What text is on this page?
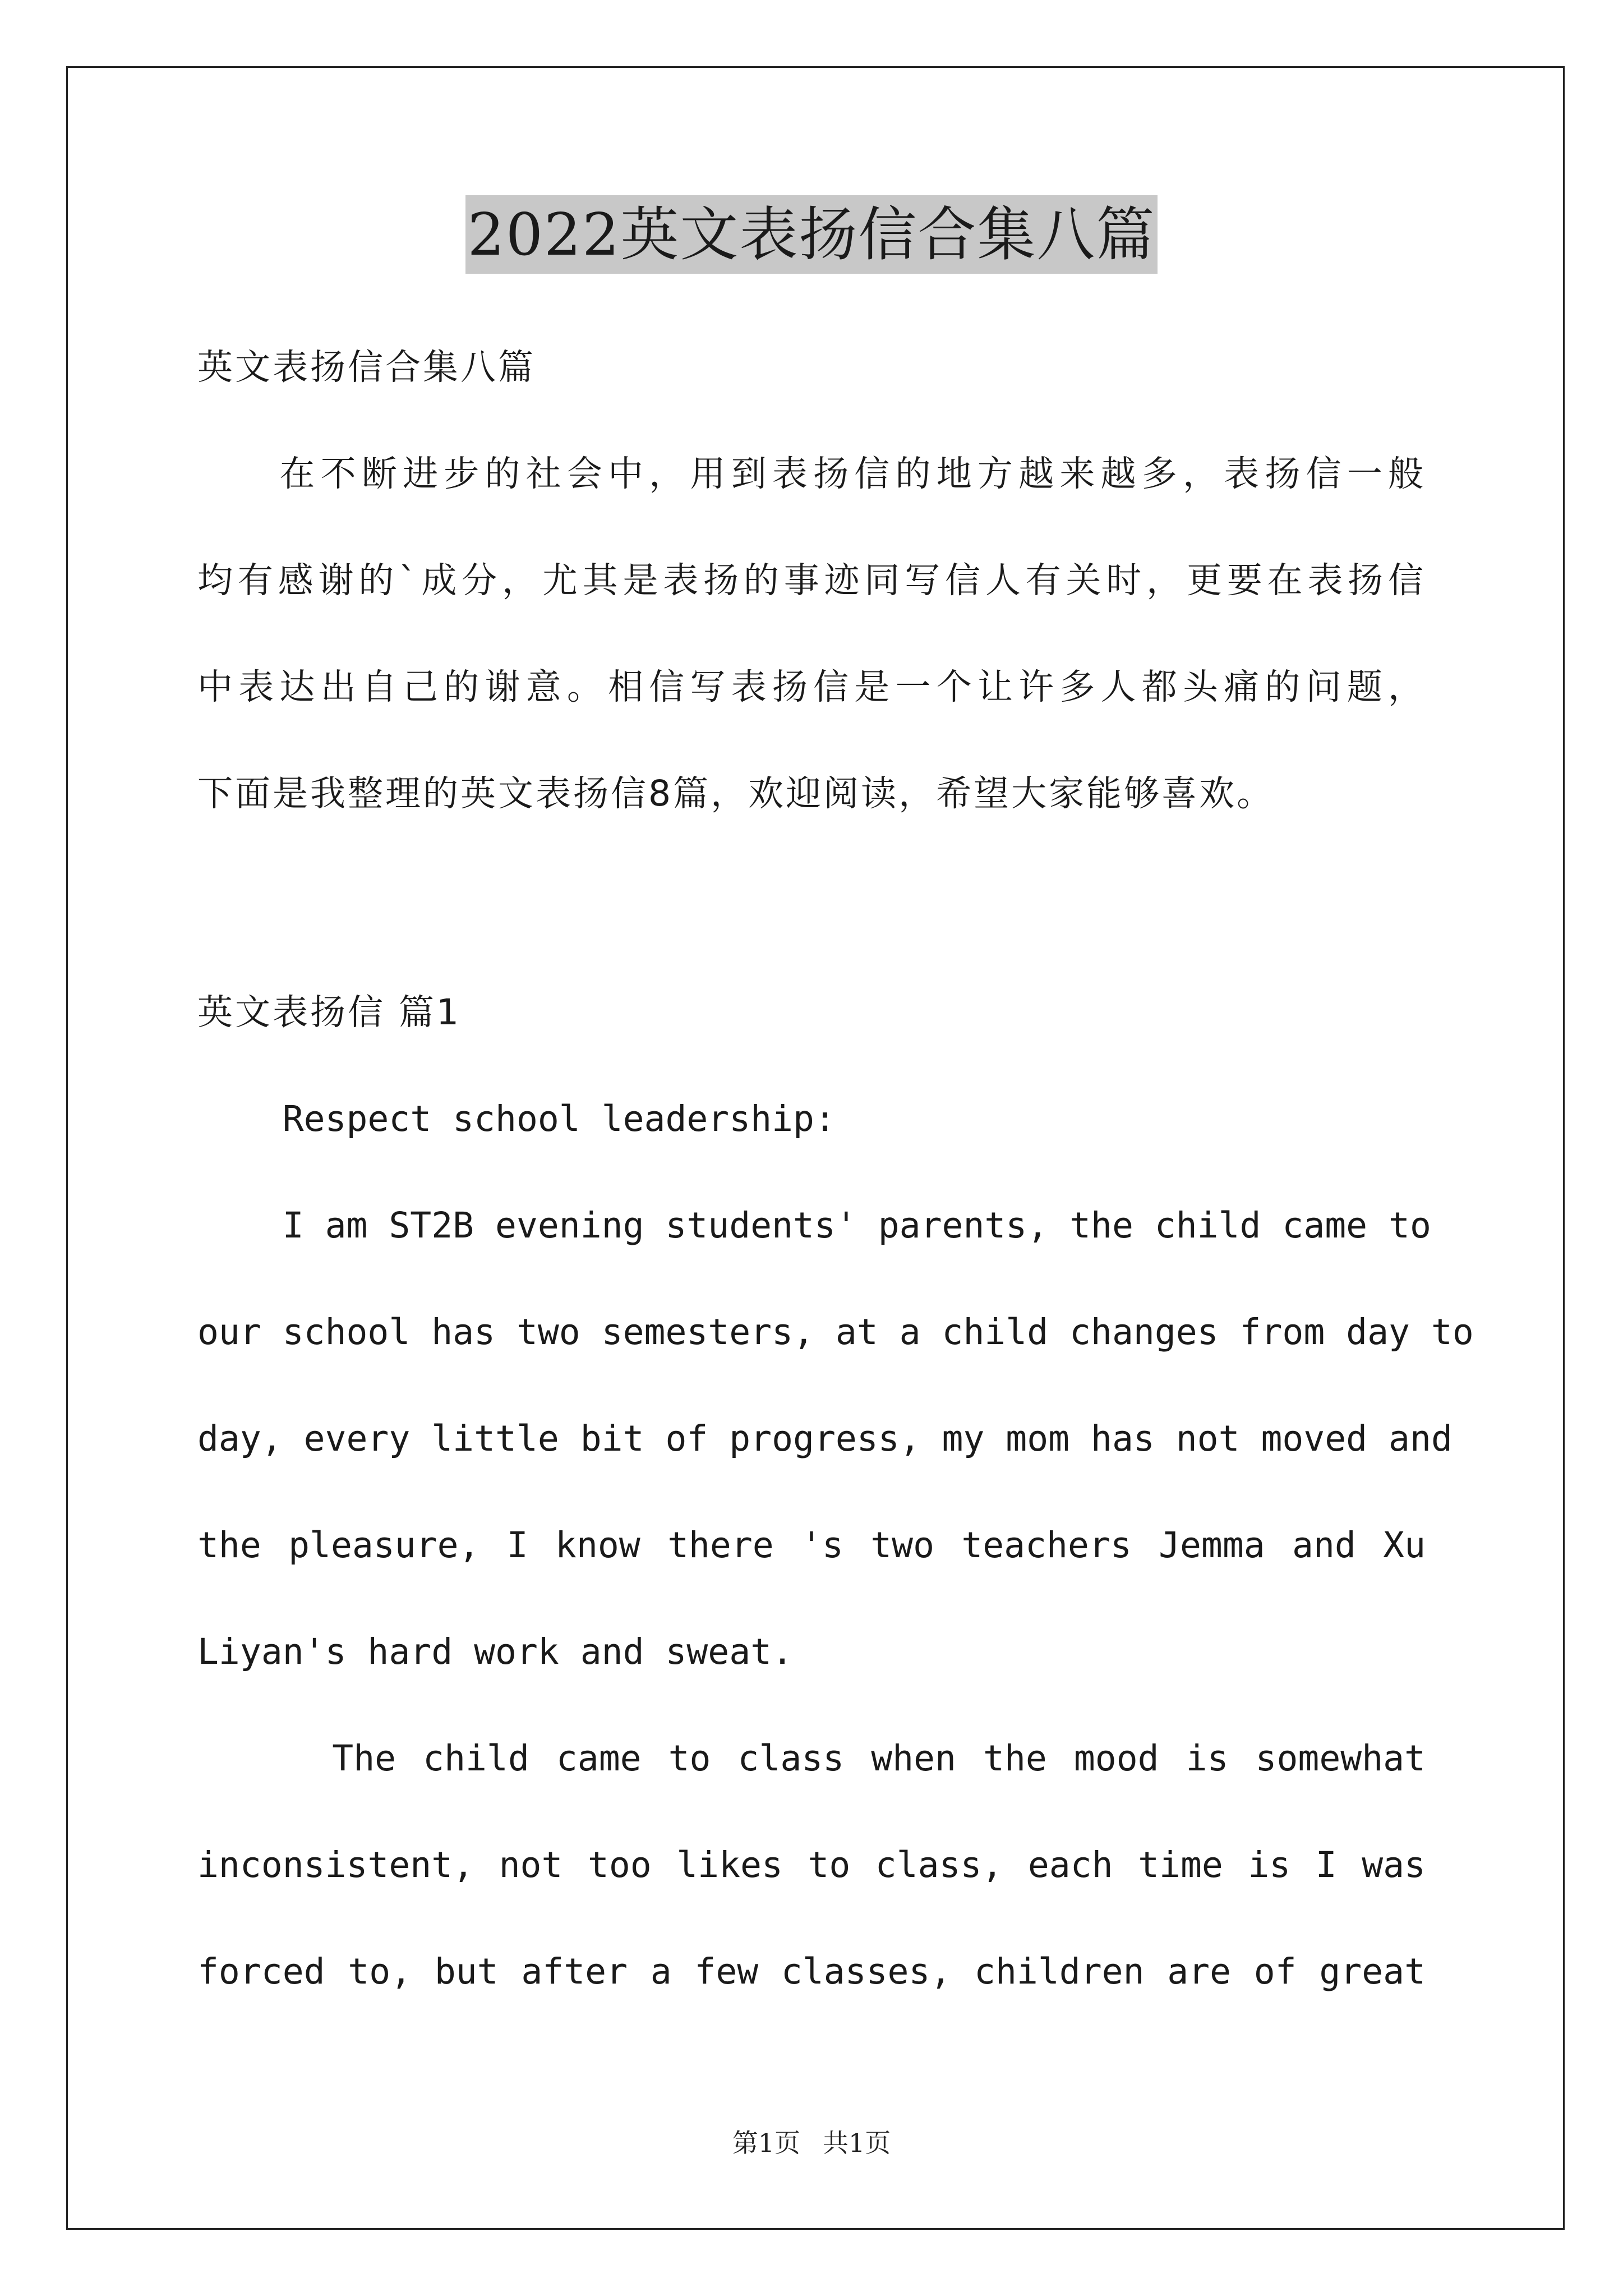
2022英文表扬信合集八篇
英文表扬信合集八篇
　　在不断进步的社会中，用到表扬信的地方越来越多，表扬信一般
均有感谢的`成分，尤其是表扬的事迹同写信人有关时，更要在表扬信
中表达出自己的谢意。相信写表扬信是一个让许多人都头痛的问题，
下面是我整理的英文表扬信8篇，欢迎阅读，希望大家能够喜欢。
英文表扬信 篇1
Respect school leadership:
I am ST2B evening students' parents, the child came to
our school has two semesters, at a child changes from day to
day, every little bit of progress, my mom has not moved and
the pleasure, I know there 's two teachers Jemma and Xu
Liyan's hard work and sweat.
The child came to class when the mood is somewhat
inconsistent, not too likes to class, each time is I was
forced to, but after a few classes, children are of great
第1页 共1页
